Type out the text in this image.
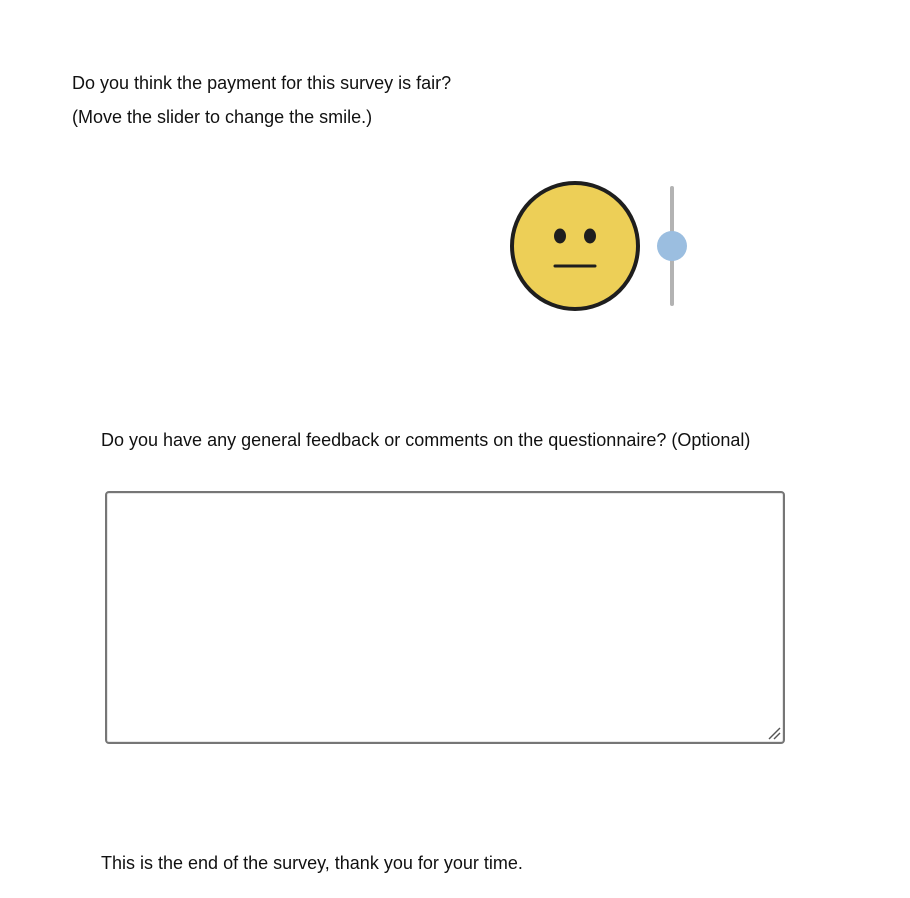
Do you think the payment for this survey is fair?
(Move the slider to change the smile.)
Do you have any general feedback or comments on the questionnaire? (Optional)
This is the end of the survey, thank you for your time.
